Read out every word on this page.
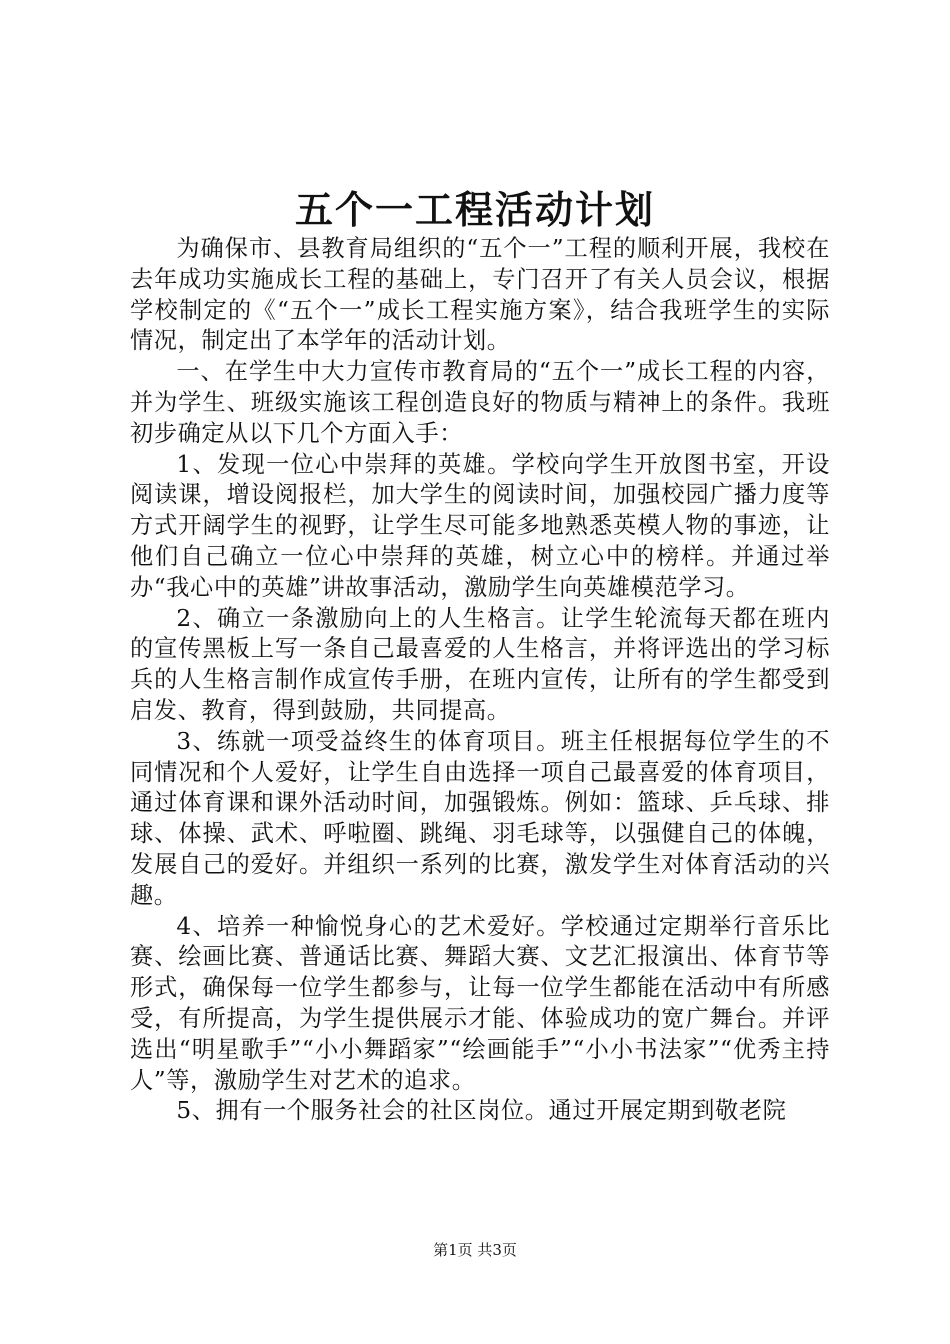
五个一工程活动计划

为确保市、县教育局组织的“五个一”工程的顺利开展，我校在去年成功实施成长工程的基础上，专门召开了有关人员会议，根据学校制定的《“五个一”成长工程实施方案》，结合我班学生的实际情况，制定出了本学年的活动计划。

一、在学生中大力宣传市教育局的“五个一”成长工程的内容，并为学生、班级实施该工程创造良好的物质与精神上的条件。我班初步确定从以下几个方面入手：

1、发现一位心中崇拜的英雄。学校向学生开放图书室，开设阅读课，增设阅报栏，加大学生的阅读时间，加强校园广播力度等方式开阔学生的视野，让学生尽可能多地熟悉英模人物的事迹，让他们自己确立一位心中崇拜的英雄，树立心中的榜样。并通过举办“我心中的英雄”讲故事活动，激励学生向英雄模范学习。

2、确立一条激励向上的人生格言。让学生轮流每天都在班内的宣传黑板上写一条自己最喜爱的人生格言，并将评选出的学习标兵的人生格言制作成宣传手册，在班内宣传，让所有的学生都受到启发、教育，得到鼓励，共同提高。

3、练就一项受益终生的体育项目。班主任根据每位学生的不同情况和个人爱好，让学生自由选择一项自己最喜爱的体育项目，通过体育课和课外活动时间，加强锻炼。例如：篮球、乒乓球、排球、体操、武术、呼啦圈、跳绳、羽毛球等，以强健自己的体魄，发展自己的爱好。并组织一系列的比赛，激发学生对体育活动的兴趣。

4、培养一种愉悦身心的艺术爱好。学校通过定期举行音乐比赛、绘画比赛、普通话比赛、舞蹈大赛、文艺汇报演出、体育节等形式，确保每一位学生都参与，让每一位学生都能在活动中有所感受，有所提高，为学生提供展示才能、体验成功的宽广舞台。并评选出“明星歌手”“小小舞蹈家”“绘画能手”“小小书法家”“优秀主持人”等，激励学生对艺术的追求。

5、拥有一个服务社会的社区岗位。通过开展定期到敬老院

第1页 共3页
